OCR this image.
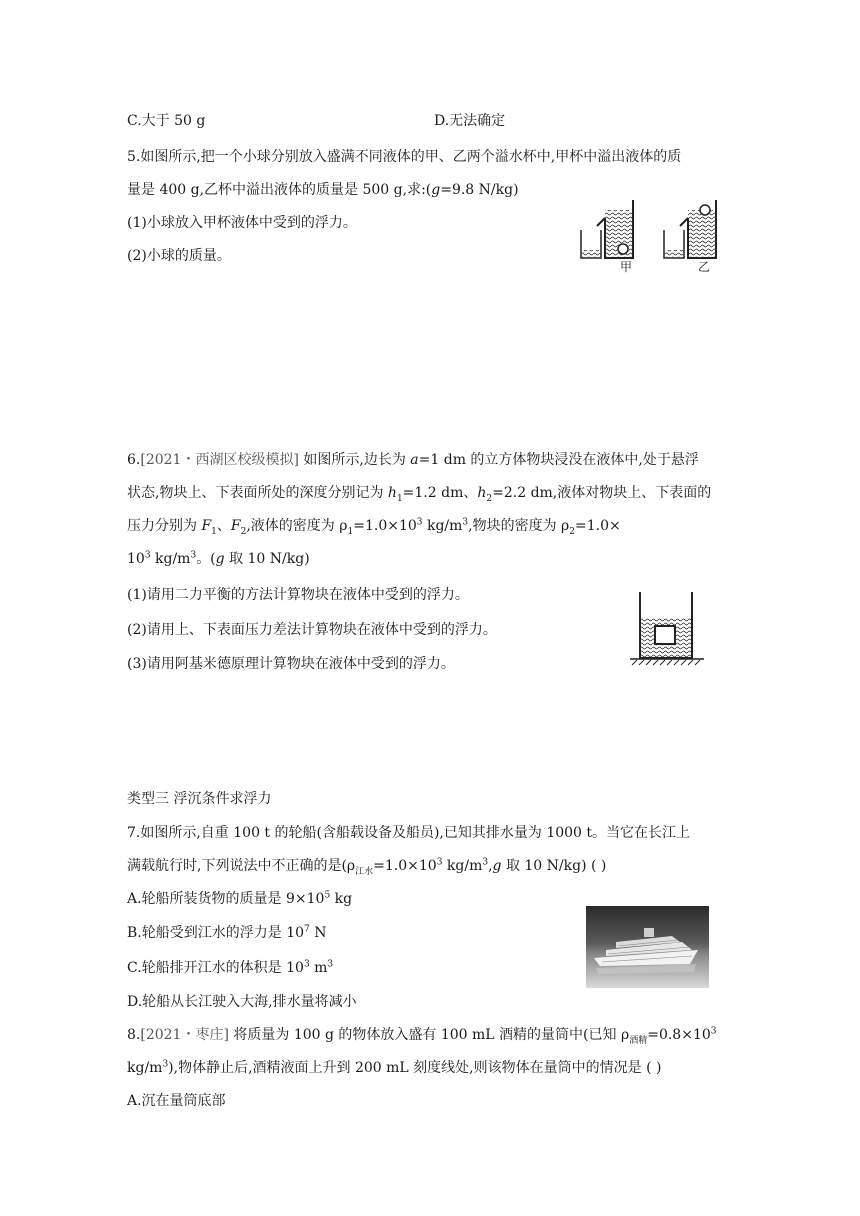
C.大于 50 g	D.无法确定
5.如图所示,把一个小球分别放入盛满不同液体的甲、乙两个溢水杯中,甲杯中溢出液体的质
量是 400 g,乙杯中溢出液体的质量是 500 g,求:(g=9.8 N/kg)
(1)小球放入甲杯液体中受到的浮力。
(2)小球的质量。
甲	乙
6.[2021・西湖区校级模拟] 如图所示,边长为 a=1 dm 的立方体物块浸没在液体中,处于悬浮
状态,物块上、下表面所处的深度分别记为 $h_1=1.2$ dm、$h_2=2.2$ dm,液体对物块上、下表面的
压力分别为 $F_1$、$F_2$,液体的密度为 $\rho_1=1.0\times 10^3$ $kg/m^3$,物块的密度为 $\rho_2=1.0\times$
$10^3$ $kg/m^3$。(g 取 10 N/kg)
(1)请用二力平衡的方法计算物块在液体中受到的浮力。
(2)请用上、下表面压力差法计算物块在液体中受到的浮力。
(3)请用阿基米德原理计算物块在液体中受到的浮力。
类型三 浮沉条件求浮力
7.如图所示,自重 100 t 的轮船(含船载设备及船员),已知其排水量为 1000 t。当它在长江上
满载航行时,下列说法中不正确的是($\rho_{江水}=1.0\times 10^3$ $kg/m^3,g$ 取 10 N/kg) ( )
A.轮船所装货物的质量是 $9\times 10^5$ kg
B.轮船受到江水的浮力是 $10^7$ N
C.轮船排开江水的体积是 $10^3$ $m^3$
D.轮船从长江驶入大海,排水量将减小
8.[2021・枣庄] 将质量为 100 g 的物体放入盛有 100 mL 酒精的量筒中(已知 $\rho_{酒精}=0.8\times 10^3$
$kg/m^3$),物体静止后,酒精液面上升到 200 mL 刻度线处,则该物体在量筒中的情况是 ( )
A.沉在量筒底部
